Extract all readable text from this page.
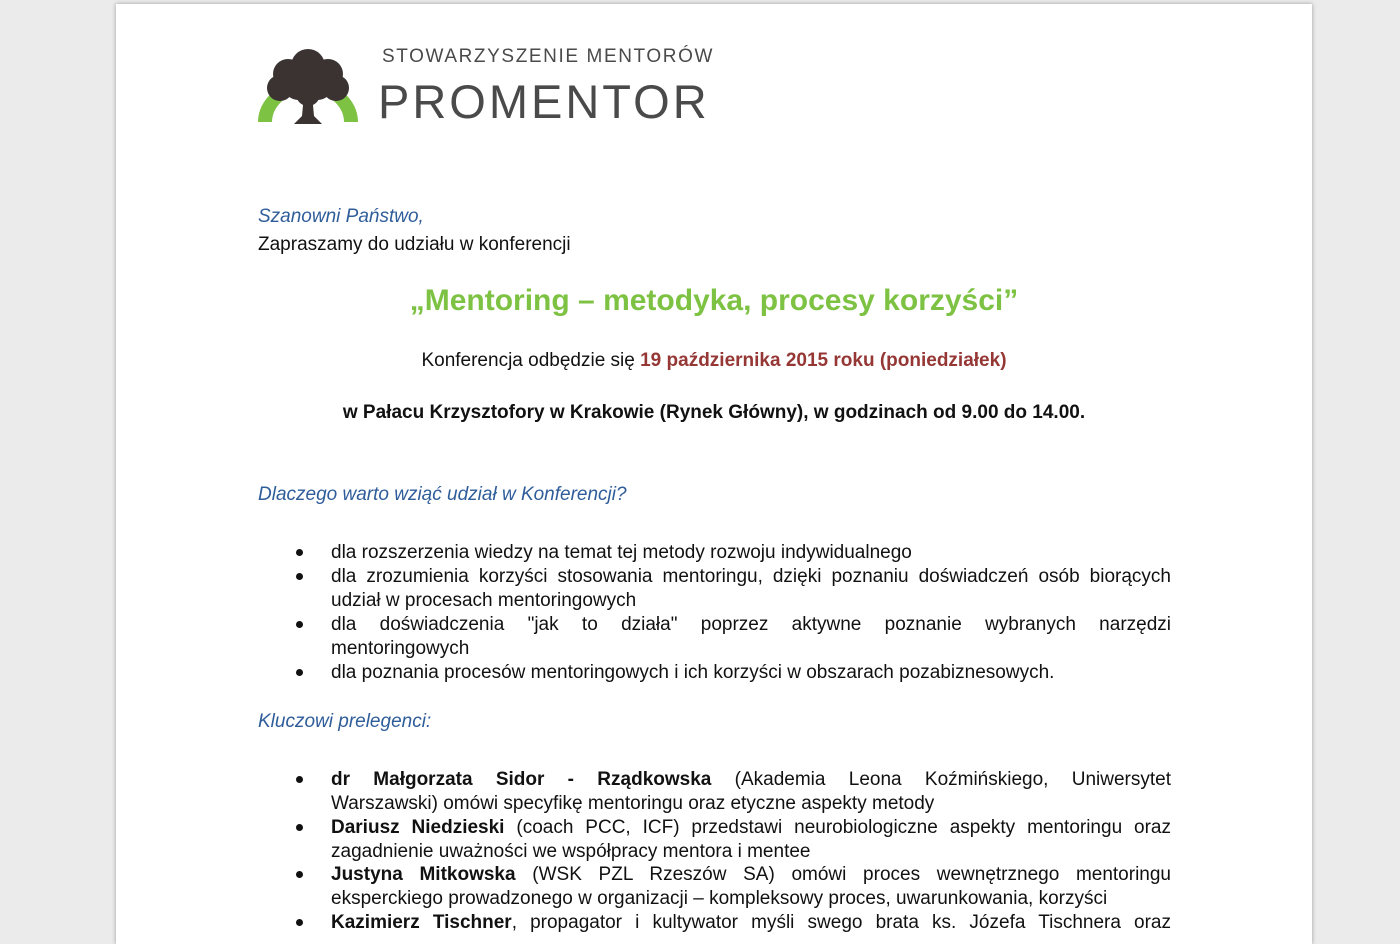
STOWARZYSZENIE MENTORÓW
PROMENTOR
Szanowni Państwo,
Zapraszamy do udziału w konferencji
„Mentoring – metodyka, procesy korzyści”
Konferencja odbędzie się 19 października 2015 roku (poniedziałek)
w Pałacu Krzysztofory w Krakowie (Rynek Główny), w godzinach od 9.00 do 14.00.
Dlaczego warto wziąć udział w Konferencji?
dla rozszerzenia wiedzy na temat tej metody rozwoju indywidualnego
dla zrozumienia korzyści stosowania mentoringu, dzięki poznaniu doświadczeń osób biorących
udział w procesach mentoringowych
dla doświadczenia "jak to działa" poprzez aktywne poznanie wybranych narzędzi
mentoringowych
dla poznania procesów mentoringowych i ich korzyści w obszarach pozabiznesowych.
Kluczowi prelegenci:
dr Małgorzata Sidor - Rządkowska (Akademia Leona Koźmińskiego, Uniwersytet
Warszawski) omówi specyfikę mentoringu oraz etyczne aspekty metody
Dariusz Niedzieski (coach PCC, ICF) przedstawi neurobiologiczne aspekty mentoringu oraz
zagadnienie uważności we współpracy mentora i mentee
Justyna Mitkowska (WSK PZL Rzeszów SA) omówi proces wewnętrznego mentoringu
eksperckiego prowadzonego w organizacji – kompleksowy proces, uwarunkowania, korzyści
Kazimierz Tischner, propagator i kultywator myśli swego brata ks. Józefa Tischnera oraz
